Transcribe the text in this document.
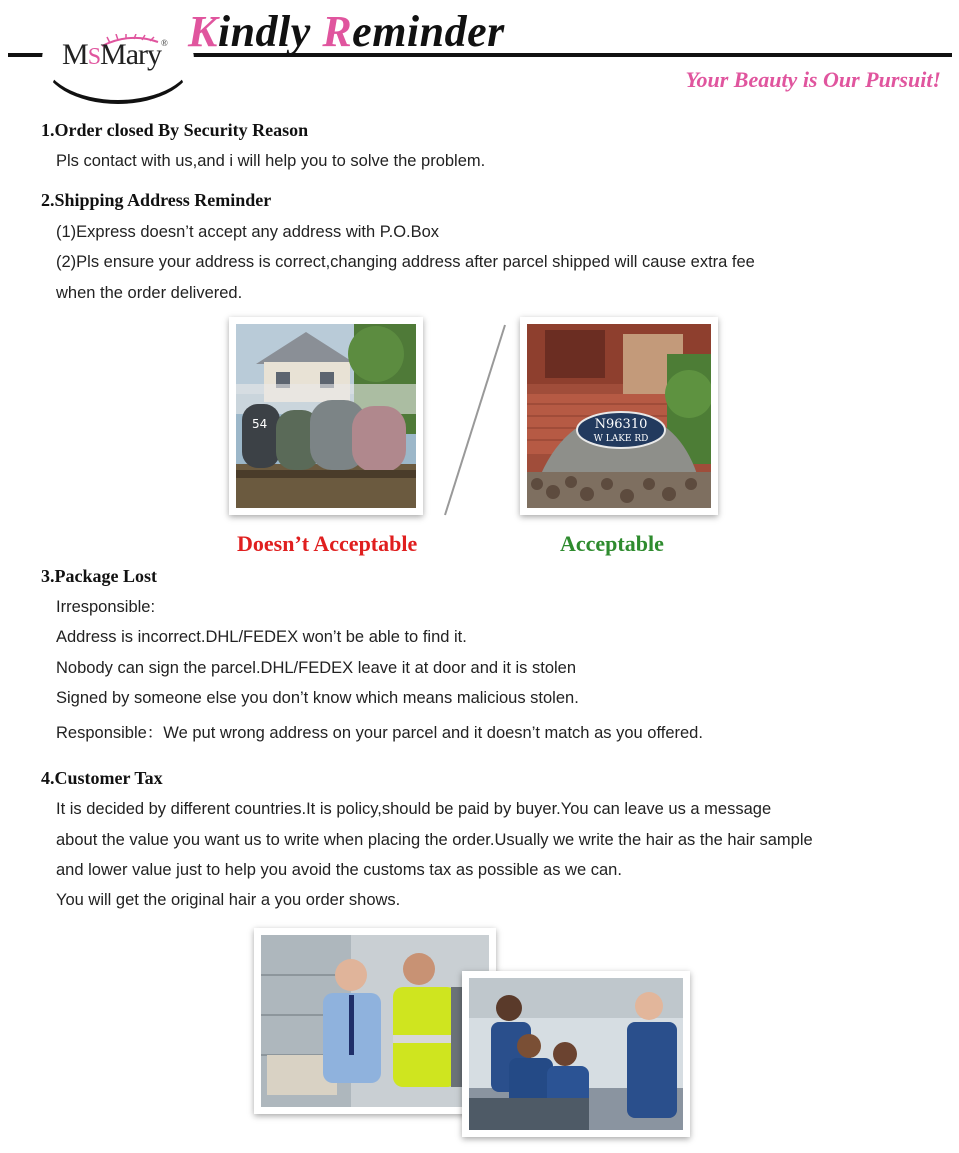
MSMary® Kindly Reminder
Your Beauty is Our Pursuit!
1.Order closed By Security Reason

Pls contact with us,and i will help you to solve the problem.

2.Shipping Address Reminder

(1)Express doesn’t accept any address with P.O.Box

(2)Pls ensure your address is correct,changing address after parcel shipped will cause extra fee

when the order delivered.

54	N96310
W LAKE RD

Doesn’t Acceptable	Acceptable

3.Package Lost

Irresponsible:

Address is incorrect.DHL/FEDEX won’t be able to find it.

Nobody can sign the parcel.DHL/FEDEX leave it at door and it is stolen

Signed by someone else you don’t know which means malicious stolen.

Responsible：We put wrong address on your parcel and it doesn’t match as you offered.

4.Customer Tax

It is decided by different countries.It is policy,should be paid by buyer.You can leave us a message

about the value you want us to write when placing the order.Usually we write the hair as the hair sample

and lower value just to help you avoid the customs tax as possible as we can.

You will get the original hair a you order shows.
